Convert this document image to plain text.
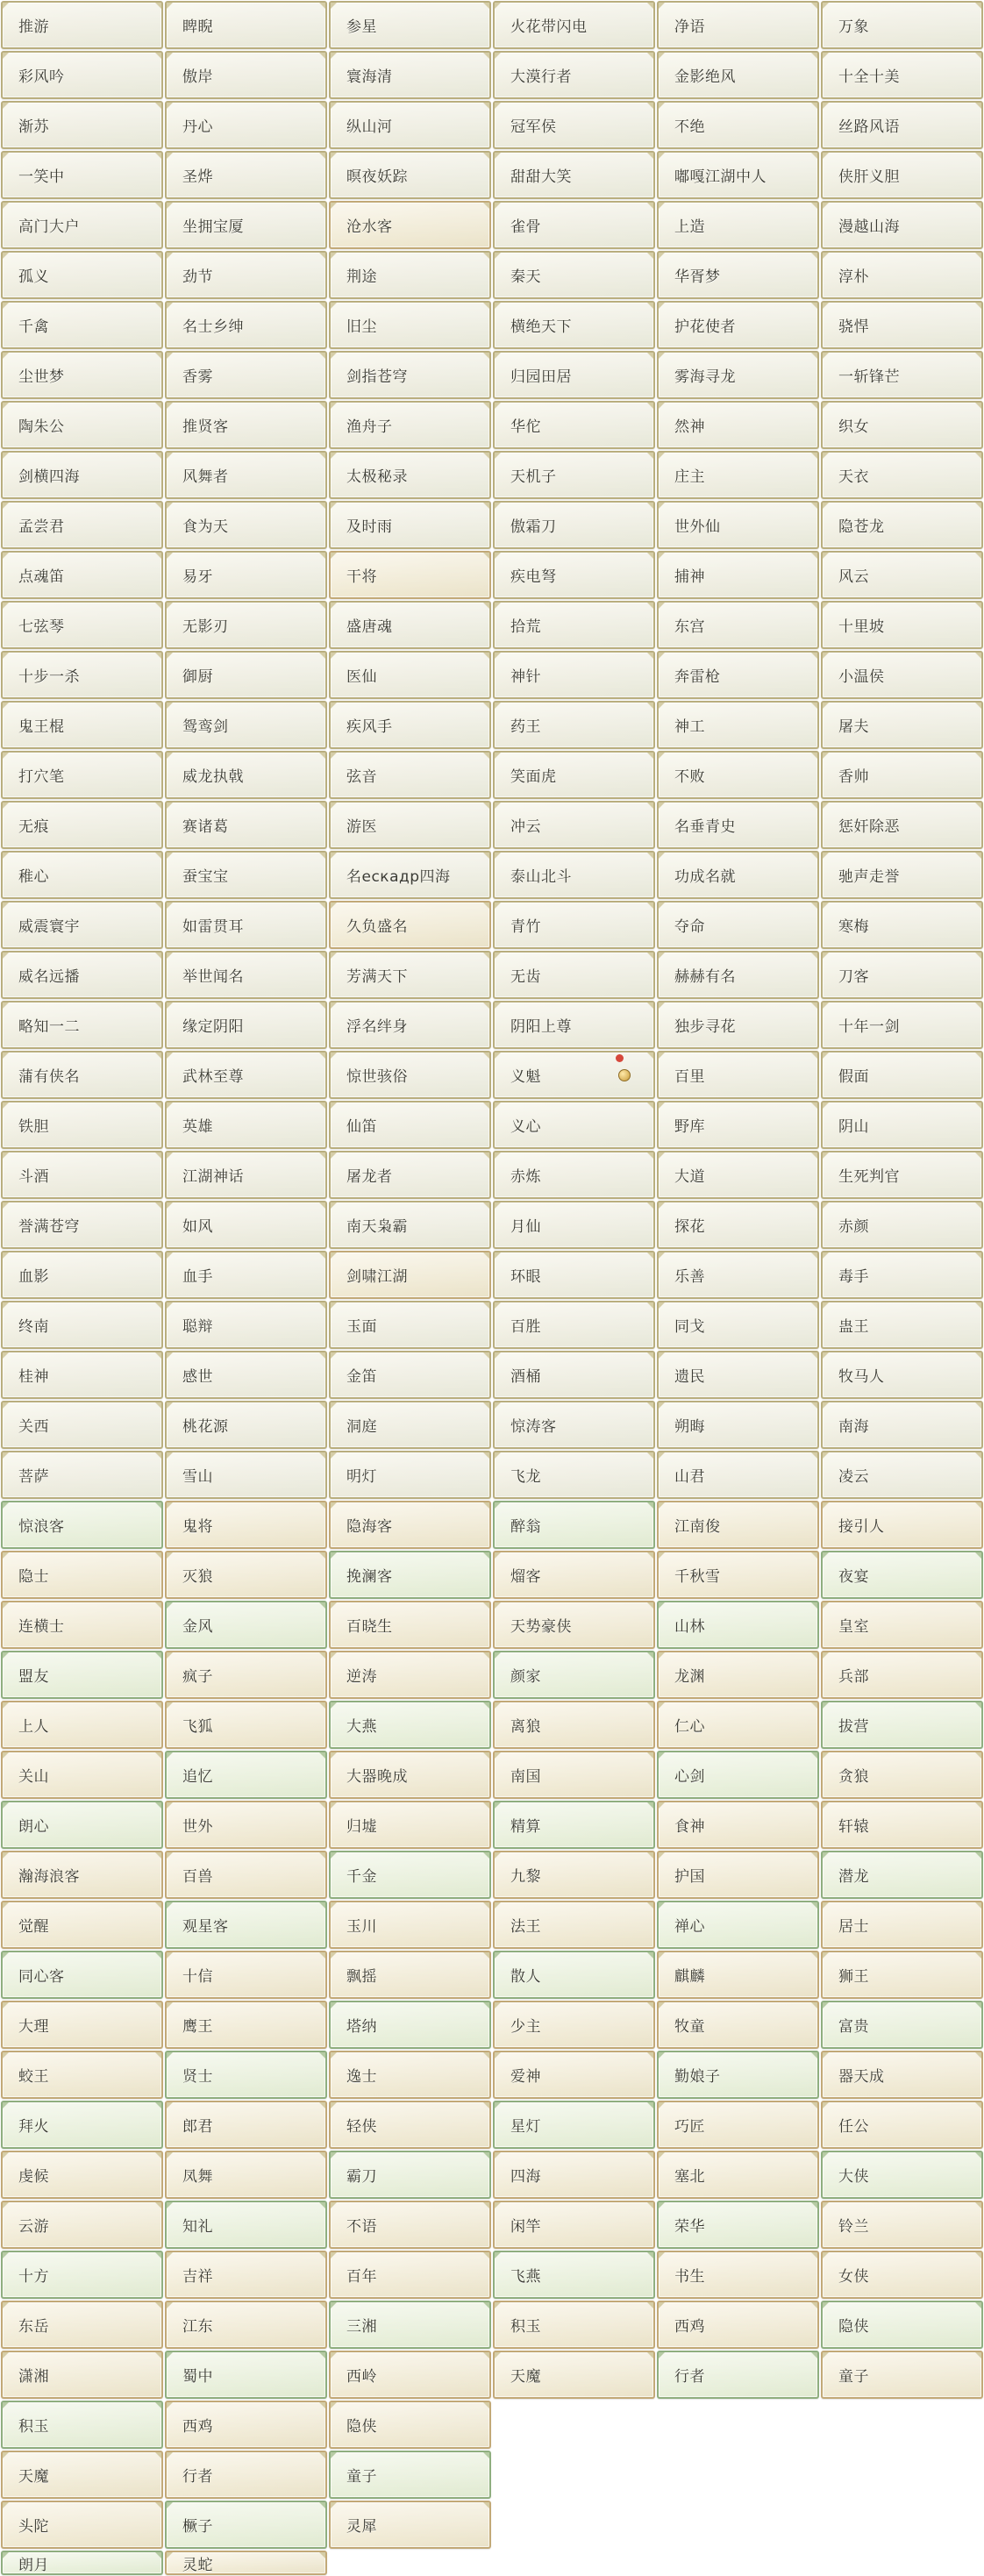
推游	睥睨	参星	火花带闪电	净语	万象
彩风吟	傲岸	寰海清	大漠行者	金影绝风	十全十美
渐苏	丹心	纵山河	冠军侯	不绝	丝路风语
一笑中	圣烨	暝夜妖踪	甜甜大笑	嘟嘎江湖中人	侠肝义胆
高门大户	坐拥宝厦	沧水客	雀骨	上造	漫越山海
孤义	劲节	荆途	秦天	华胥梦	淳朴
千禽	名士乡绅	旧尘	横绝天下	护花使者	骁悍
尘世梦	香雾	剑指苍穹	归园田居	雾海寻龙	一斩锋芒
陶朱公	推贤客	渔舟子	华佗	然神	织女
剑横四海	风舞者	太极秘录	天机子	庄主	天衣
孟尝君	食为天	及时雨	傲霜刀	世外仙	隐苍龙
点魂笛	易牙	干将	疾电弩	捕神	风云
七弦琴	无影刃	盛唐魂	拾荒	东宫	十里坡
十步一杀	御厨	医仙	神针	奔雷枪	小温侯
鬼王棍	鸳鸾剑	疾风手	药王	神工	屠夫
打穴笔	威龙执戟	弦音	笑面虎	不败	香帅
无痕	赛诸葛	游医	冲云	名垂青史	惩奸除恶
稚心	蚕宝宝	名ескадр四海	泰山北斗	功成名就	驰声走誉
威震寰宇	如雷贯耳	久负盛名	青竹	夺命	寒梅
威名远播	举世闻名	芳满天下	无齿	赫赫有名	刀客
略知一二	缘定阴阳	浮名绊身	阴阳上尊	独步寻花	十年一剑
蒲有侠名	武林至尊	惊世骇俗	义魁	百里	假面
铁胆	英雄	仙笛	义心	野库	阴山
斗酒	江湖神话	屠龙者	赤炼	大道	生死判官
誉满苍穹	如风	南天枭霸	月仙	探花	赤颜
血影	血手	剑啸江湖	环眼	乐善	毒手
终南	聪辩	玉面	百胜	同戈	蛊王
桂神	感世	金笛	酒桶	遗民	牧马人
关西	桃花源	洞庭	惊涛客	朔晦	南海
菩萨	雪山	明灯	飞龙	山君	凌云
惊浪客	鬼将	隐海客	醉翁	江南俊	接引人
隐士	灭狼	挽澜客	熘客	千秋雪	夜宴
连横士	金风	百晓生	天势豪侠	山林	皇室
盟友	疯子	逆涛	颜家	龙渊	兵部
上人	飞狐	大燕	离狼	仁心	拔营
关山	追忆	大器晚成	南国	心剑	贪狼
朗心	世外	归墟	精算	食神	轩辕
瀚海浪客	百兽	千金	九黎	护国	潜龙
觉醒	观星客	玉川	法王	禅心	居士
同心客	十信	飘摇	散人	麒麟	狮王
大理	鹰王	塔纳	少主	牧童	富贵
蛟王	贤士	逸士	爱神	勤娘子	器天成
拜火	郎君	轻侠	星灯	巧匠	任公
虔候	凤舞	霸刀	四海	塞北	大侠
云游	知礼	不语	闲竿	荣华	铃兰
十方	吉祥	百年	飞燕	书生	女侠
东岳	江东	三湘	积玉	西鸡	隐侠
潇湘	蜀中	西岭	天魔	行者	童子
积玉	西鸡	隐侠
天魔	行者	童子
头陀	橛子	灵犀
朗月	灵蛇
